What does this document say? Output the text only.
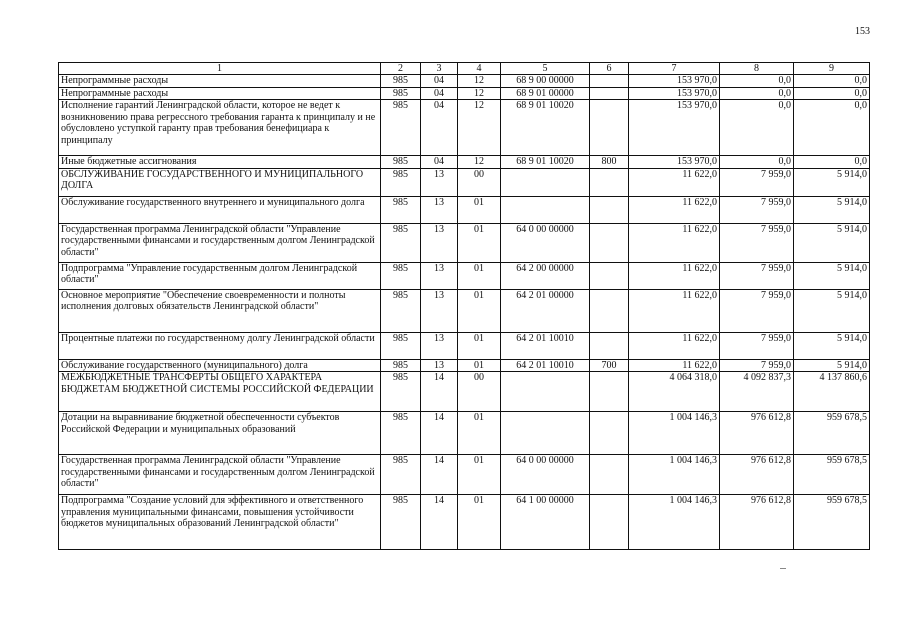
153
1	2	3	4	5	6	7	8	9
Непрограммные расходы	985	04	12	68 9 00 00000		153 970,0	0,0	0,0
Непрограммные расходы	985	04	12	68 9 01 00000		153 970,0	0,0	0,0
Исполнение гарантий Ленинградской области, которое не ведет к возникновению права регрессного требования гаранта к принципалу и не обусловлено уступкой гаранту прав требования бенефициара к принципалу	985	04	12	68 9 01 10020		153 970,0	0,0	0,0
Иные бюджетные ассигнования	985	04	12	68 9 01 10020	800	153 970,0	0,0	0,0
ОБСЛУЖИВАНИЕ ГОСУДАРСТВЕННОГО И МУНИЦИПАЛЬНОГО ДОЛГА	985	13	00			11 622,0	7 959,0	5 914,0
Обслуживание государственного внутреннего и муниципального долга	985	13	01			11 622,0	7 959,0	5 914,0
Государственная программа Ленинградской области "Управление государственными финансами и государственным долгом Ленинградской области"	985	13	01	64 0 00 00000		11 622,0	7 959,0	5 914,0
Подпрограмма "Управление государственным долгом Ленинградской области"	985	13	01	64 2 00 00000		11 622,0	7 959,0	5 914,0
Основное мероприятие "Обеспечение своевременности и полноты исполнения долговых обязательств Ленинградской области"	985	13	01	64 2 01 00000		11 622,0	7 959,0	5 914,0
Процентные платежи по государственному долгу Ленинградской области	985	13	01	64 2 01 10010		11 622,0	7 959,0	5 914,0
Обслуживание государственного (муниципального) долга	985	13	01	64 2 01 10010	700	11 622,0	7 959,0	5 914,0
МЕЖБЮДЖЕТНЫЕ ТРАНСФЕРТЫ ОБЩЕГО ХАРАКТЕРА БЮДЖЕТАМ БЮДЖЕТНОЙ СИСТЕМЫ РОССИЙСКОЙ ФЕДЕРАЦИИ	985	14	00			4 064 318,0	4 092 837,3	4 137 860,6
Дотации на выравнивание бюджетной обеспеченности субъектов Российской Федерации и муниципальных образований	985	14	01			1 004 146,3	976 612,8	959 678,5
Государственная программа Ленинградской области "Управление государственными финансами и государственным долгом Ленинградской области"	985	14	01	64 0 00 00000		1 004 146,3	976 612,8	959 678,5
Подпрограмма "Создание условий для эффективного и ответственного управления муниципальными финансами, повышения устойчивости бюджетов муниципальных образований Ленинградской области"	985	14	01	64 1 00 00000		1 004 146,3	976 612,8	959 678,5
